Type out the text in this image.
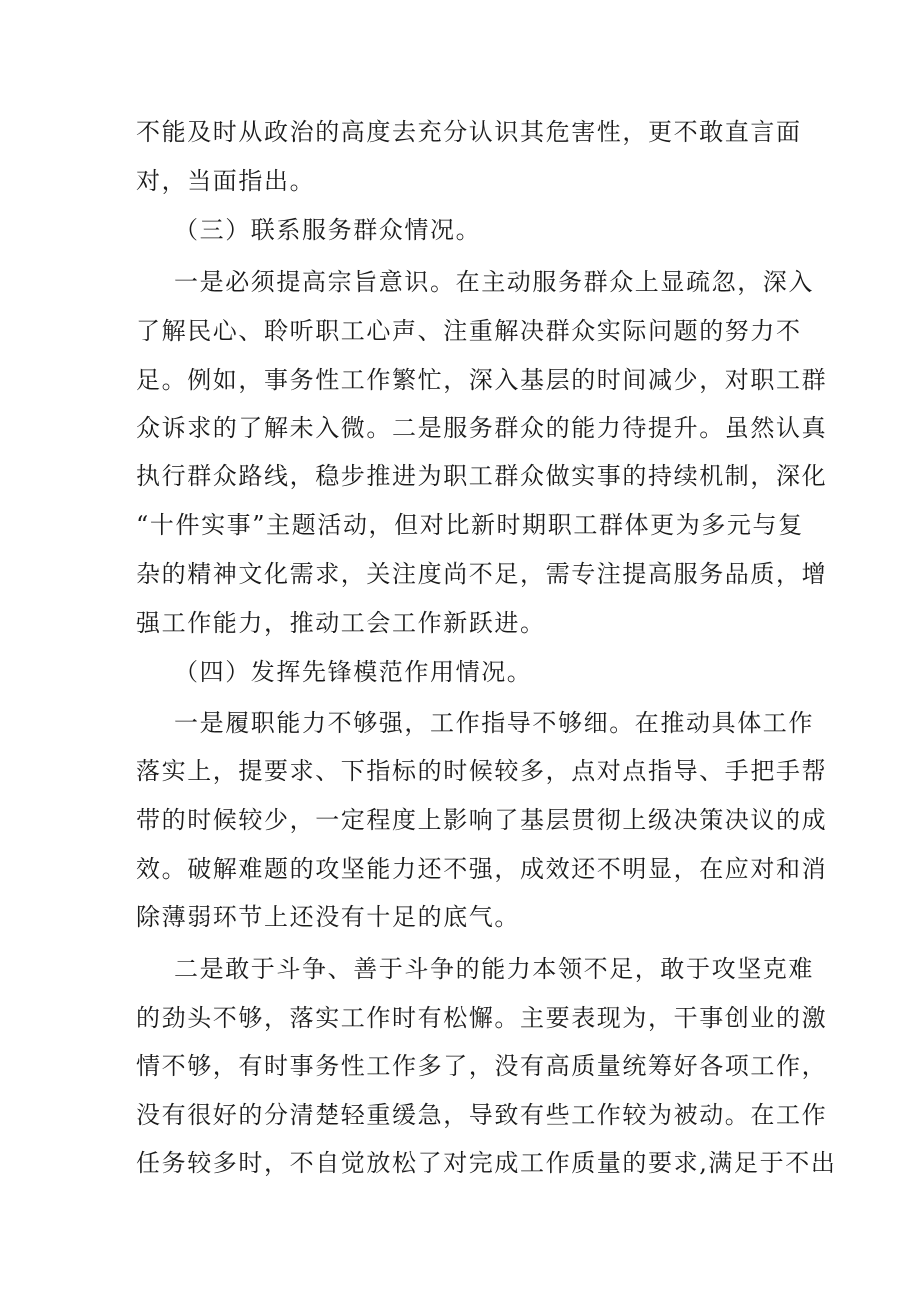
不能及时从政治的高度去充分认识其危害性，更不敢直言面
对，当面指出。
（三）联系服务群众情况。
一是必须提高宗旨意识。在主动服务群众上显疏忽，深入
了解民心、聆听职工心声、注重解决群众实际问题的努力不
足。例如，事务性工作繁忙，深入基层的时间减少，对职工群
众诉求的了解未入微。二是服务群众的能力待提升。虽然认真
执行群众路线，稳步推进为职工群众做实事的持续机制，深化
“十件实事”主题活动，但对比新时期职工群体更为多元与复
杂的精神文化需求，关注度尚不足，需专注提高服务品质，增
强工作能力，推动工会工作新跃进。
（四）发挥先锋模范作用情况。
一是履职能力不够强，工作指导不够细。在推动具体工作
落实上，提要求、下指标的时候较多，点对点指导、手把手帮
带的时候较少，一定程度上影响了基层贯彻上级决策决议的成
效。破解难题的攻坚能力还不强，成效还不明显，在应对和消
除薄弱环节上还没有十足的底气。
二是敢于斗争、善于斗争的能力本领不足，敢于攻坚克难
的劲头不够，落实工作时有松懈。主要表现为，干事创业的激
情不够，有时事务性工作多了，没有高质量统筹好各项工作，
没有很好的分清楚轻重缓急，导致有些工作较为被动。在工作
任务较多时，不自觉放松了对完成工作质量的要求,满足于不出
